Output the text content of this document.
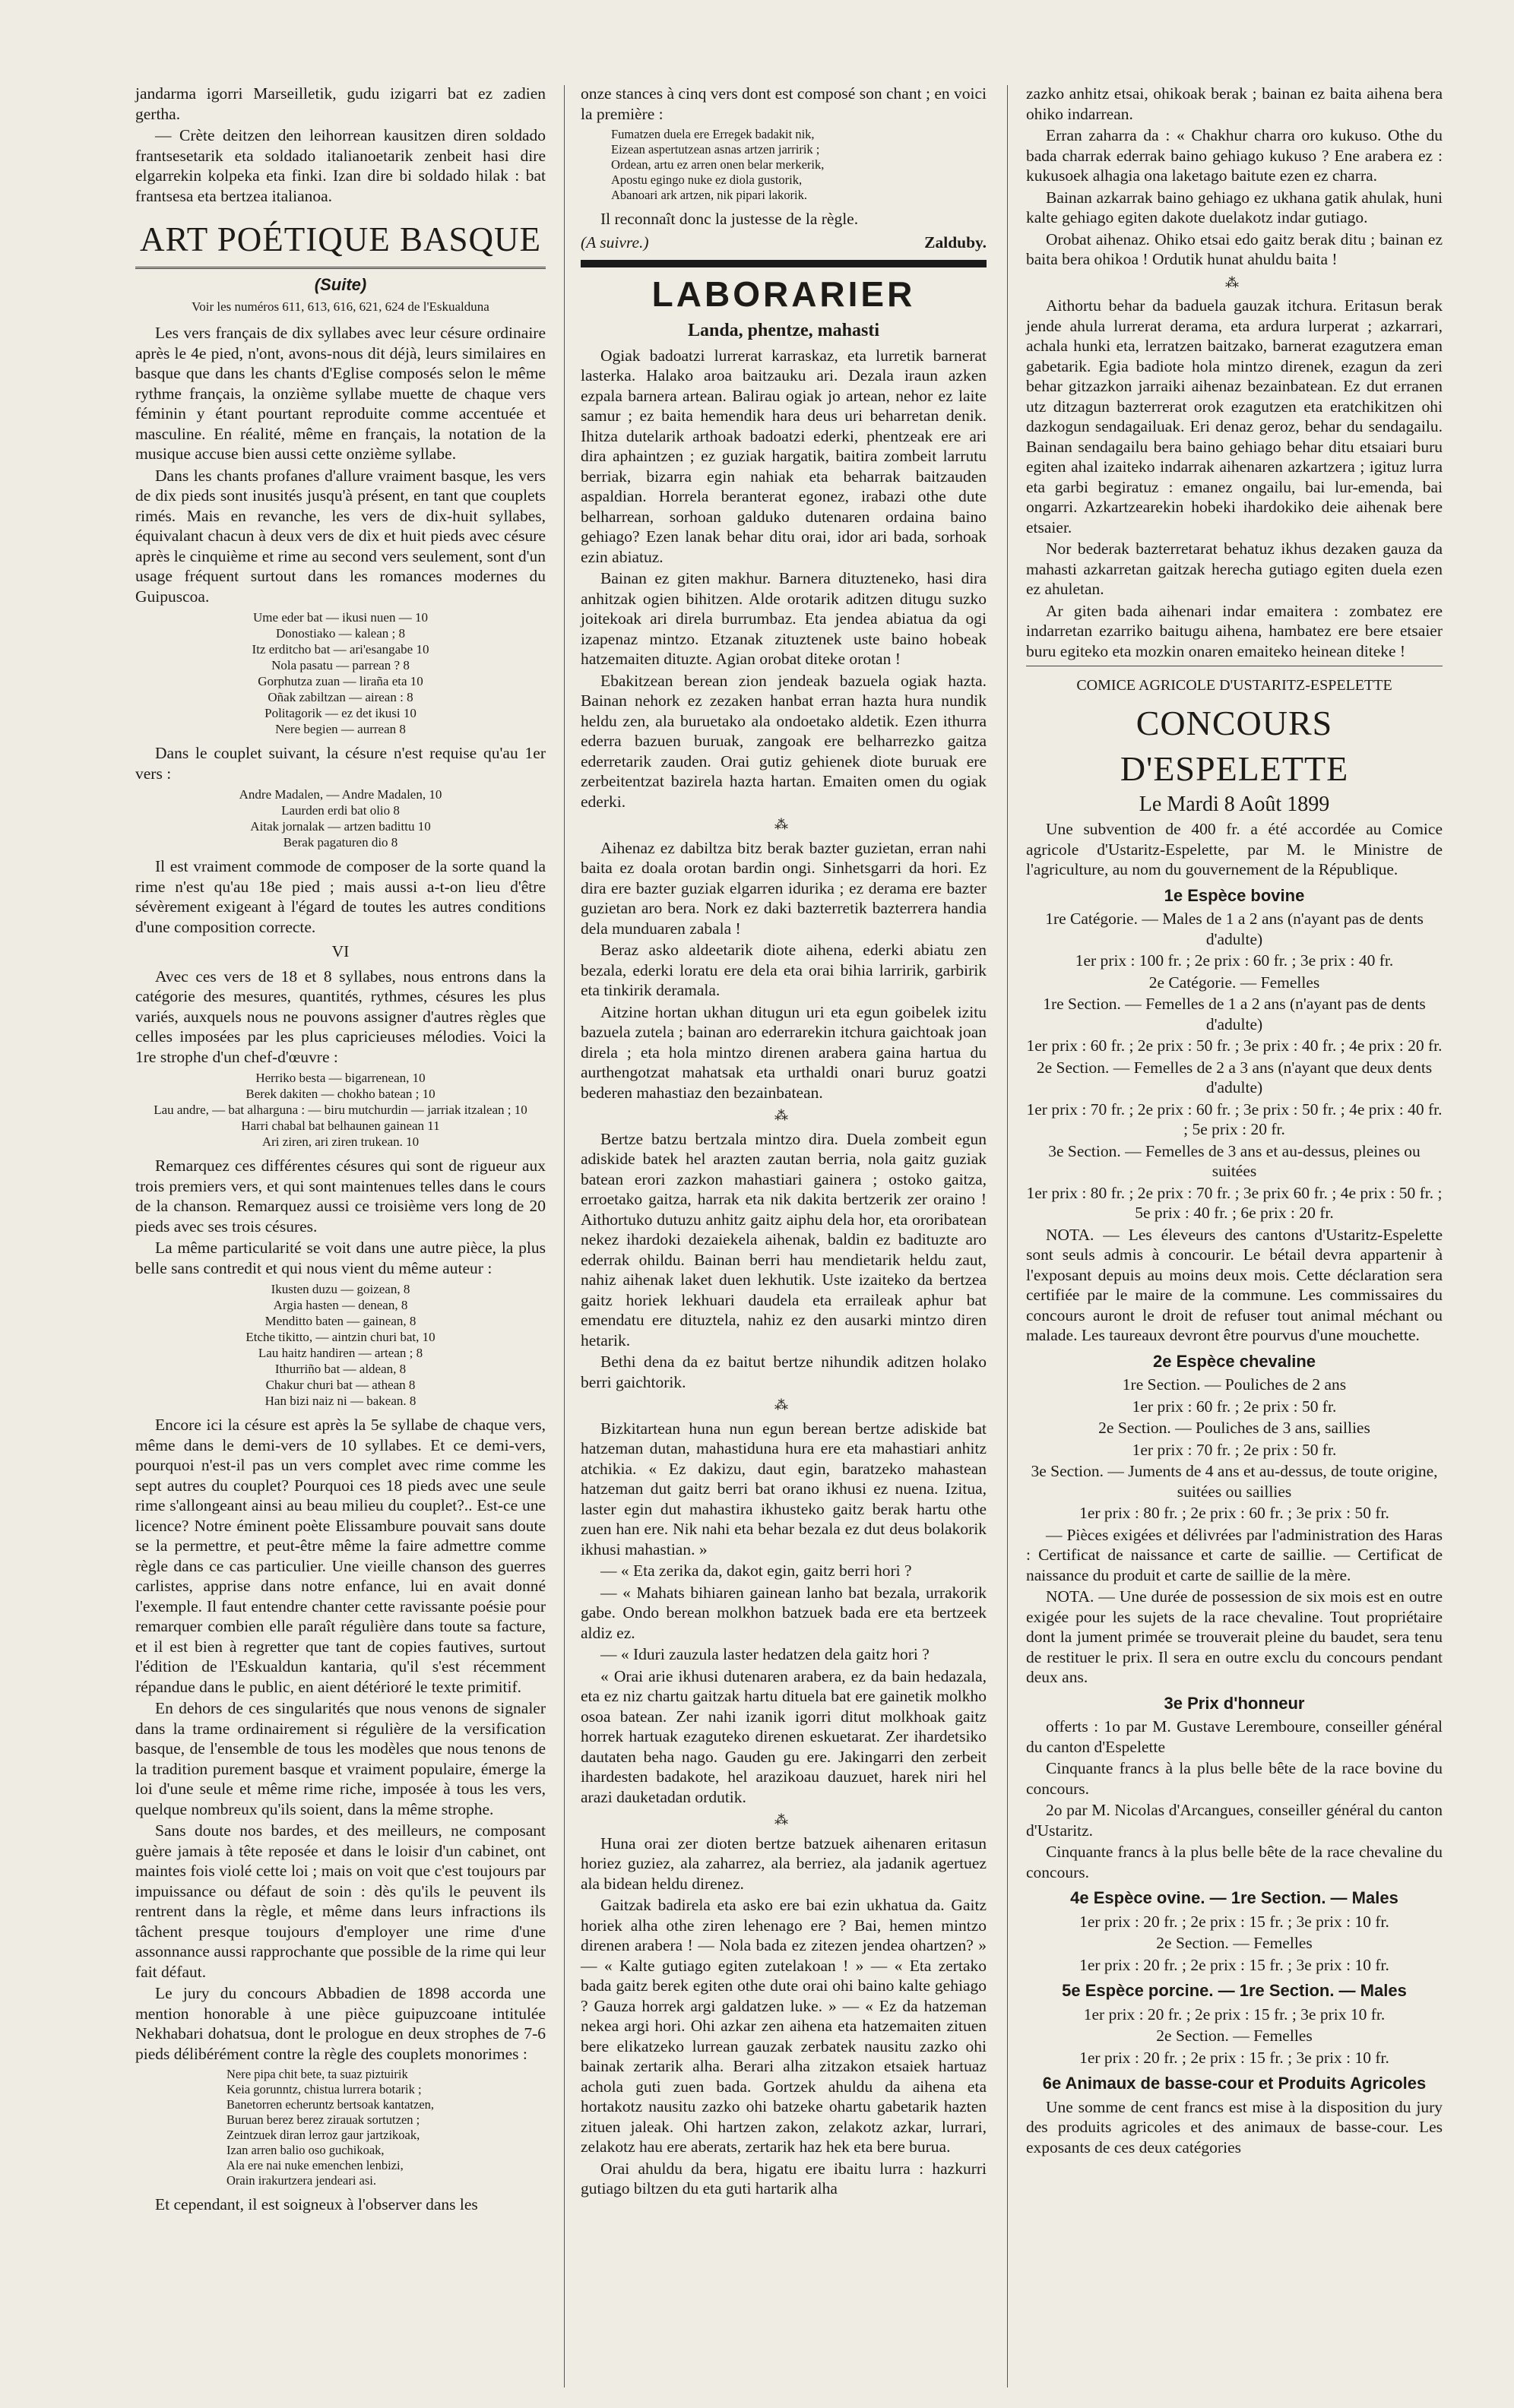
jandarma igorri Marseilletik, gudu izigarri bat ez zadien gertha.

— Crète deitzen den leihorrean kausitzen diren soldado frantsesetarik eta soldado italianoetarik zenbeit hasi dire elgarrekin kolpeka eta finki. Izan dire bi soldado hilak : bat frantsesa eta bertzea italianoa.

ART POÉTIQUE BASQUE
(Suite)
Voir les numéros 611, 613, 616, 621, 624 de l'Eskualduna

Les vers français de dix syllabes avec leur césure ordinaire après le 4e pied, n'ont, avons-nous dit déjà, leurs similaires en basque que dans les chants d'Eglise composés selon le même rythme français, la onzième syllabe muette de chaque vers féminin y étant pourtant reproduite comme accentuée et masculine. En réalité, même en français, la notation de la musique accuse bien aussi cette onzième syllabe.

Dans les chants profanes d'allure vraiment basque, les vers de dix pieds sont inusités jusqu'à présent, en tant que couplets rimés. Mais en revanche, les vers de dix-huit syllabes, équivalant chacun à deux vers de dix et huit pieds avec césure après le cinquième et rime au second vers seulement, sont d'un usage fréquent surtout dans les romances modernes du Guipuscoa.

Ume eder bat — ikusi nuen — 10
Donostiako — kalean ; 8
Itz erditcho bat — ari'esangabe 10
Nola pasatu — parrean ? 8
Gorphutza zuan — liraña eta 10
Oñak zabiltzan — airean : 8
Politagorik — ez det ikusi 10
Nere begien — aurrean 8

Dans le couplet suivant, la césure n'est requise qu'au 1er vers :

Andre Madalen, — Andre Madalen, 10
Laurden erdi bat olio 8
Aitak jornalak — artzen badittu 10
Berak pagaturen dio 8

Il est vraiment commode de composer de la sorte quand la rime n'est qu'au 18e pied ; mais aussi a-t-on lieu d'être sévèrement exigeant à l'égard de toutes les autres conditions d'une composition correcte.

VI

Avec ces vers de 18 et 8 syllabes, nous entrons dans la catégorie des mesures, quantités, rythmes, césures les plus variés, auxquels nous ne pouvons assigner d'autres règles que celles imposées par les plus capricieuses mélodies. Voici la 1re strophe d'un chef-d'œuvre :

Herriko besta — bigarrenean, 10
Berek dakiten — chokho batean ; 10
Lau andre, — bat alharguna : — biru mutchurdin — jarriak itzalean ; 10
Harri chabal bat belhaunen gainean 11
Ari ziren, ari ziren trukean. 10

Remarquez ces différentes césures qui sont de rigueur aux trois premiers vers, et qui sont maintenues telles dans le cours de la chanson. Remarquez aussi ce troisième vers long de 20 pieds avec ses trois césures.

La même particularité se voit dans une autre pièce, la plus belle sans contredit et qui nous vient du même auteur :

Ikusten duzu — goizean, 8
Argia hasten — denean, 8
Menditto baten — gainean, 8
Etche tikitto, — aintzin churi bat, 10
Lau haitz handiren — artean ; 8
Ithurriño bat — aldean, 8
Chakur churi bat — athean 8
Han bizi naiz ni — bakean. 8

Encore ici la césure est après la 5e syllabe de chaque vers, même dans le demi-vers de 10 syllabes. Et ce demi-vers, pourquoi n'est-il pas un vers complet avec rime comme les sept autres du couplet? Pourquoi ces 18 pieds avec une seule rime s'allongeant ainsi au beau milieu du couplet?.. Est-ce une licence? Notre éminent poète Elissambure pouvait sans doute se la permettre, et peut-être même la faire admettre comme règle dans ce cas particulier. Une vieille chanson des guerres carlistes, apprise dans notre enfance, lui en avait donné l'exemple. Il faut entendre chanter cette ravissante poésie pour remarquer combien elle paraît régulière dans toute sa facture, et il est bien à regretter que tant de copies fautives, surtout l'édition de l'Eskualdun kantaria, qu'il s'est récemment répandue dans le public, en aient détérioré le texte primitif.

En dehors de ces singularités que nous venons de signaler dans la trame ordinairement si régulière de la versification basque, de l'ensemble de tous les modèles que nous tenons de la tradition purement basque et vraiment populaire, émerge la loi d'une seule et même rime riche, imposée à tous les vers, quelque nombreux qu'ils soient, dans la même strophe.

Sans doute nos bardes, et des meilleurs, ne composant guère jamais à tête reposée et dans le loisir d'un cabinet, ont maintes fois violé cette loi ; mais on voit que c'est toujours par impuissance ou défaut de soin : dès qu'ils le peuvent ils rentrent dans la règle, et même dans leurs infractions ils tâchent presque toujours d'employer une rime d'une assonnance aussi rapprochante que possible de la rime qui leur fait défaut.

Le jury du concours Abbadien de 1898 accorda une mention honorable à une pièce guipuzcoane intitulée Nekhabari dohatsua, dont le prologue en deux strophes de 7-6 pieds délibérément contre la règle des couplets monorimes :

Nere pipa chit bete, ta suaz piztuirik
Keia gorunntz, chistua lurrera botarik ;
Banetorren echeruntz bertsoak kantatzen,
Buruan berez berez zirauak sortutzen ;
Zeintzuek diran lerroz gaur jartzikoak,
Izan arren balio oso guchikoak,
Ala ere nai nuke emenchen lenbizi,
Orain irakurtzera jendeari asi.

Et cependant, il est soigneux à l'observer dans les

onze stances à cinq vers dont est composé son chant ; en voici la première :

Fumatzen duela ere Erregek badakit nik,
Eizean aspertutzean asnas artzen jarririk ;
Ordean, artu ez arren onen belar merkerik,
Apostu egingo nuke ez diola gustorik,
Abanoari ark artzen, nik pipari lakorik.

Il reconnaît donc la justesse de la règle.

(A suivre.)	Zalduby.
LABORARIER
Landa, phentze, mahasti

Ogiak badoatzi lurrerat karraskaz, eta lurretik barnerat lasterka. Halako aroa baitzauku ari. Dezala iraun azken ezpala barnera artean. Balirau ogiak jo artean, nehor ez laite samur ; ez baita hemendik hara deus uri beharretan denik. Ihitza dutelarik arthoak badoatzi ederki, phentzeak ere ari dira aphaintzen ; ez guziak hargatik, baitira zombeit larrutu berriak, bizarra egin nahiak eta beharrak baitzauden aspaldian. Horrela beranterat egonez, irabazi othe dute belharrean, sorhoan galduko dutenaren ordaina baino gehiago? Ezen lanak behar ditu orai, idor ari bada, sorhoak ezin abiatuz.

Bainan ez giten makhur. Barnera dituzteneko, hasi dira anhitzak ogien bihitzen. Alde orotarik aditzen ditugu suzko joitekoak ari direla burrumbaz. Eta jendea abiatua da ogi izapenaz mintzo. Etzanak zituztenek uste baino hobeak hatzemaiten dituzte. Agian orobat diteke orotan !

Ebakitzean berean zion jendeak bazuela ogiak hazta. Bainan nehork ez zezaken hanbat erran hazta hura nundik heldu zen, ala buruetako ala ondoetako aldetik. Ezen ithurra ederra bazuen buruak, zangoak ere belharrezko gaitza ederretarik zauden. Orai gutiz gehienek diote buruak ere zerbeitentzat bazirela hazta hartan. Emaiten omen du ogiak ederki.

⁂

Aihenaz ez dabiltza bitz berak bazter guzietan, erran nahi baita ez doala orotan bardin ongi. Sinhetsgarri da hori. Ez dira ere bazter guziak elgarren idurika ; ez derama ere bazter guzietan aro bera. Nork ez daki bazterretik bazterrera handia dela munduaren zabala !

Beraz asko aldeetarik diote aihena, ederki abiatu zen bezala, ederki loratu ere dela eta orai bihia larririk, garbirik eta tinkirik deramala.

Aitzine hortan ukhan ditugun uri eta egun goibelek izitu bazuela zutela ; bainan aro ederrarekin itchura gaichtoak joan direla ; eta hola mintzo direnen arabera gaina hartua du aurthengotzat mahatsak eta urthaldi onari buruz goatzi bederen mahastiaz den bezainbatean.

⁂

Bertze batzu bertzala mintzo dira. Duela zombeit egun adiskide batek hel arazten zautan berria, nola gaitz guziak batean erori zazkon mahastiari gainera ; ostoko gaitza, erroetako gaitza, harrak eta nik dakita bertzerik zer oraino ! Aithortuko dutuzu anhitz gaitz aiphu dela hor, eta ororibatean nekez ihardoki dezaiekela aihenak, baldin ez badituzte aro ederrak ohildu. Bainan berri hau mendietarik heldu zaut, nahiz aihenak laket duen lekhutik. Uste izaiteko da bertzea gaitz horiek lekhuari daudela eta erraileak aphur bat emendatu ere dituztela, nahiz ez den ausarki mintzo diren hetarik.

Bethi dena da ez baitut bertze nihundik aditzen holako berri gaichtorik.

⁂

Bizkitartean huna nun egun berean bertze adiskide bat hatzeman dutan, mahastiduna hura ere eta mahastiari anhitz atchikia. « Ez dakizu, daut egin, baratzeko mahastean hatzeman dut gaitz berri bat orano ikhusi ez nuena. Izitua, laster egin dut mahastira ikhusteko gaitz berak hartu othe zuen han ere. Nik nahi eta behar bezala ez dut deus bolakorik ikhusi mahastian. »

— « Eta zerika da, dakot egin, gaitz berri hori ?

— « Mahats bihiaren gainean lanho bat bezala, urrakorik gabe. Ondo berean molkhon batzuek bada ere eta bertzeek aldiz ez.

— « Iduri zauzula laster hedatzen dela gaitz hori ?

« Orai arie ikhusi dutenaren arabera, ez da bain hedazala, eta ez niz chartu gaitzak hartu dituela bat ere gainetik molkho osoa batean. Zer nahi izanik igorri ditut molkhoak gaitz horrek hartuak ezaguteko direnen eskuetarat. Zer ihardetsiko dautaten beha nago. Gauden gu ere. Jakingarri den zerbeit ihardesten badakote, hel arazikoau dauzuet, harek niri hel arazi dauketadan ordutik.

⁂

Huna orai zer dioten bertze batzuek aihenaren eritasun horiez guziez, ala zaharrez, ala berriez, ala jadanik agertuez ala bidean heldu direnez.

Gaitzak badirela eta asko ere bai ezin ukhatua da. Gaitz horiek alha othe ziren lehenago ere ? Bai, hemen mintzo direnen arabera ! — Nola bada ez zitezen jendea ohartzen? » — « Kalte gutiago egiten zutelakoan ! » — « Eta zertako bada gaitz berek egiten othe dute orai ohi baino kalte gehiago ? Gauza horrek argi galdatzen luke. » — « Ez da hatzeman nekea argi hori. Ohi azkar zen aihena eta hatzemaiten zituen bere elikatzeko lurrean gauzak zerbatek nausitu zazko ohi bainak zertarik alha. Berari alha zitzakon etsaiek hartuaz achola guti zuen bada. Gortzek ahuldu da aihena eta hortakotz nausitu zazko ohi batzeke ohartu gabetarik hazten zituen jaleak. Ohi hartzen zakon, zelakotz azkar, lurrari, zelakotz hau ere aberats, zertarik haz hek eta bere burua.

Orai ahuldu da bera, higatu ere ibaitu lurra : hazkurri gutiago biltzen du eta guti hartarik alha

zazko anhitz etsai, ohikoak berak ; bainan ez baita aihena bera ohiko indarrean.

Erran zaharra da : « Chakhur charra oro kukuso. Othe du bada charrak ederrak baino gehiago kukuso ? Ene arabera ez : kukusoek alhagia ona laketago baitute ezen ez charra.

Bainan azkarrak baino gehiago ez ukhana gatik ahulak, huni kalte gehiago egiten dakote duelakotz indar gutiago.

Orobat aihenaz. Ohiko etsai edo gaitz berak ditu ; bainan ez baita bera ohikoa ! Ordutik hunat ahuldu baita !

⁂

Aithortu behar da baduela gauzak itchura. Eritasun berak jende ahula lurrerat derama, eta ardura lurperat ; azkarrari, achala hunki eta, lerratzen baitzako, barnerat ezagutzera eman gabetarik. Egia badiote hola mintzo direnek, ezagun da zeri behar gitzazkon jarraiki aihenaz bezainbatean. Ez dut erranen utz ditzagun bazterrerat orok ezagutzen eta eratchikitzen ohi dazkogun sendagailuak. Eri denaz geroz, behar du sendagailu. Bainan sendagailu bera baino gehiago behar ditu etsaiari buru egiten ahal izaiteko indarrak aihenaren azkartzera ; igituz lurra eta garbi begiratuz : emanez ongailu, bai lur-emenda, bai ongarri. Azkartzearekin hobeki ihardokiko deie aihenak bere etsaier.

Nor bederak bazterretarat behatuz ikhus dezaken gauza da mahasti azkarretan gaitzak herecha gutiago egiten duela ezen ez ahuletan.

Ar giten bada aihenari indar emaitera : zombatez ere indarretan ezarriko baitugu aihena, hambatez ere bere etsaier buru egiteko eta mozkin onaren emaiteko heinean diteke !

COMICE AGRICOLE D'USTARITZ-ESPELETTE
CONCOURS D'ESPELETTE
Le Mardi 8 Août 1899

Une subvention de 400 fr. a été accordée au Comice agricole d'Ustaritz-Espelette, par M. le Ministre de l'agriculture, au nom du gouvernement de la République.

1e Espèce bovine

1re Catégorie. — Males de 1 a 2 ans (n'ayant pas de dents d'adulte)

1er prix : 100 fr. ; 2e prix : 60 fr. ; 3e prix : 40 fr.

2e Catégorie. — Femelles

1re Section. — Femelles de 1 a 2 ans (n'ayant pas de dents d'adulte)

1er prix : 60 fr. ; 2e prix : 50 fr. ; 3e prix : 40 fr. ; 4e prix : 20 fr.

2e Section. — Femelles de 2 a 3 ans (n'ayant que deux dents d'adulte)

1er prix : 70 fr. ; 2e prix : 60 fr. ; 3e prix : 50 fr. ; 4e prix : 40 fr. ; 5e prix : 20 fr.

3e Section. — Femelles de 3 ans et au-dessus, pleines ou suitées

1er prix : 80 fr. ; 2e prix : 70 fr. ; 3e prix 60 fr. ; 4e prix : 50 fr. ; 5e prix : 40 fr. ; 6e prix : 20 fr.

NOTA. — Les éleveurs des cantons d'Ustaritz-Espelette sont seuls admis à concourir. Le bétail devra appartenir à l'exposant depuis au moins deux mois. Cette déclaration sera certifiée par le maire de la commune. Les commissaires du concours auront le droit de refuser tout animal méchant ou malade. Les taureaux devront être pourvus d'une mouchette.

2e Espèce chevaline

1re Section. — Pouliches de 2 ans

1er prix : 60 fr. ; 2e prix : 50 fr.

2e Section. — Pouliches de 3 ans, saillies

1er prix : 70 fr. ; 2e prix : 50 fr.

3e Section. — Juments de 4 ans et au-dessus, de toute origine, suitées ou saillies

1er prix : 80 fr. ; 2e prix : 60 fr. ; 3e prix : 50 fr.

— Pièces exigées et délivrées par l'administration des Haras : Certificat de naissance et carte de saillie. — Certificat de naissance du produit et carte de saillie de la mère.

NOTA. — Une durée de possession de six mois est en outre exigée pour les sujets de la race chevaline. Tout propriétaire dont la jument primée se trouverait pleine du baudet, sera tenu de restituer le prix. Il sera en outre exclu du concours pendant deux ans.

3e Prix d'honneur

offerts : 1o par M. Gustave Leremboure, conseiller général du canton d'Espelette

Cinquante francs à la plus belle bête de la race bovine du concours.

2o par M. Nicolas d'Arcangues, conseiller général du canton d'Ustaritz.

Cinquante francs à la plus belle bête de la race chevaline du concours.

4e Espèce ovine. — 1re Section. — Males

1er prix : 20 fr. ; 2e prix : 15 fr. ; 3e prix : 10 fr.

2e Section. — Femelles

1er prix : 20 fr. ; 2e prix : 15 fr. ; 3e prix : 10 fr.

5e Espèce porcine. — 1re Section. — Males

1er prix : 20 fr. ; 2e prix : 15 fr. ; 3e prix 10 fr.

2e Section. — Femelles

1er prix : 20 fr. ; 2e prix : 15 fr. ; 3e prix : 10 fr.

6e Animaux de basse-cour et Produits Agricoles

Une somme de cent francs est mise à la disposition du jury des produits agricoles et des animaux de basse-cour. Les exposants de ces deux catégories
